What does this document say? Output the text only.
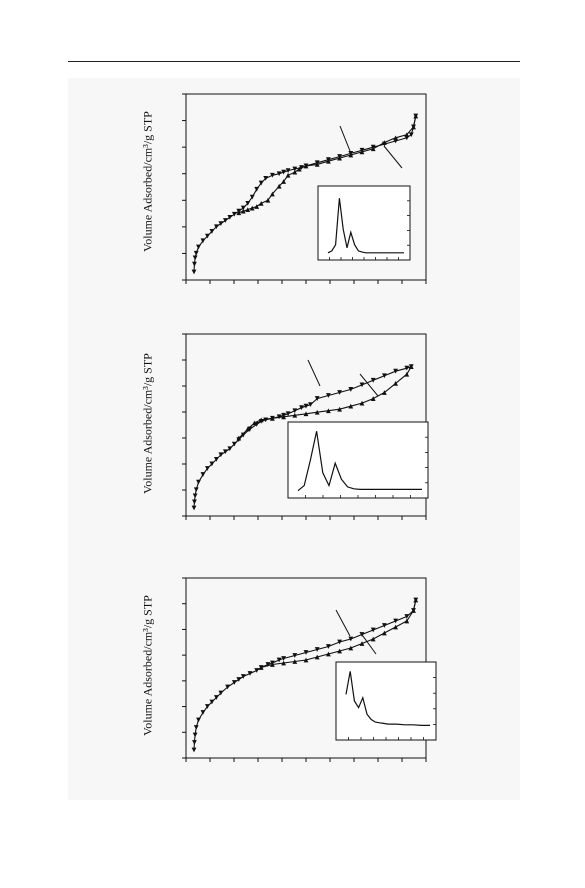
Volume Adsorbed/cm³/g STP
Volume Adsorbed/cm³/g STP
Volume Adsorbed/cm³/g STP
